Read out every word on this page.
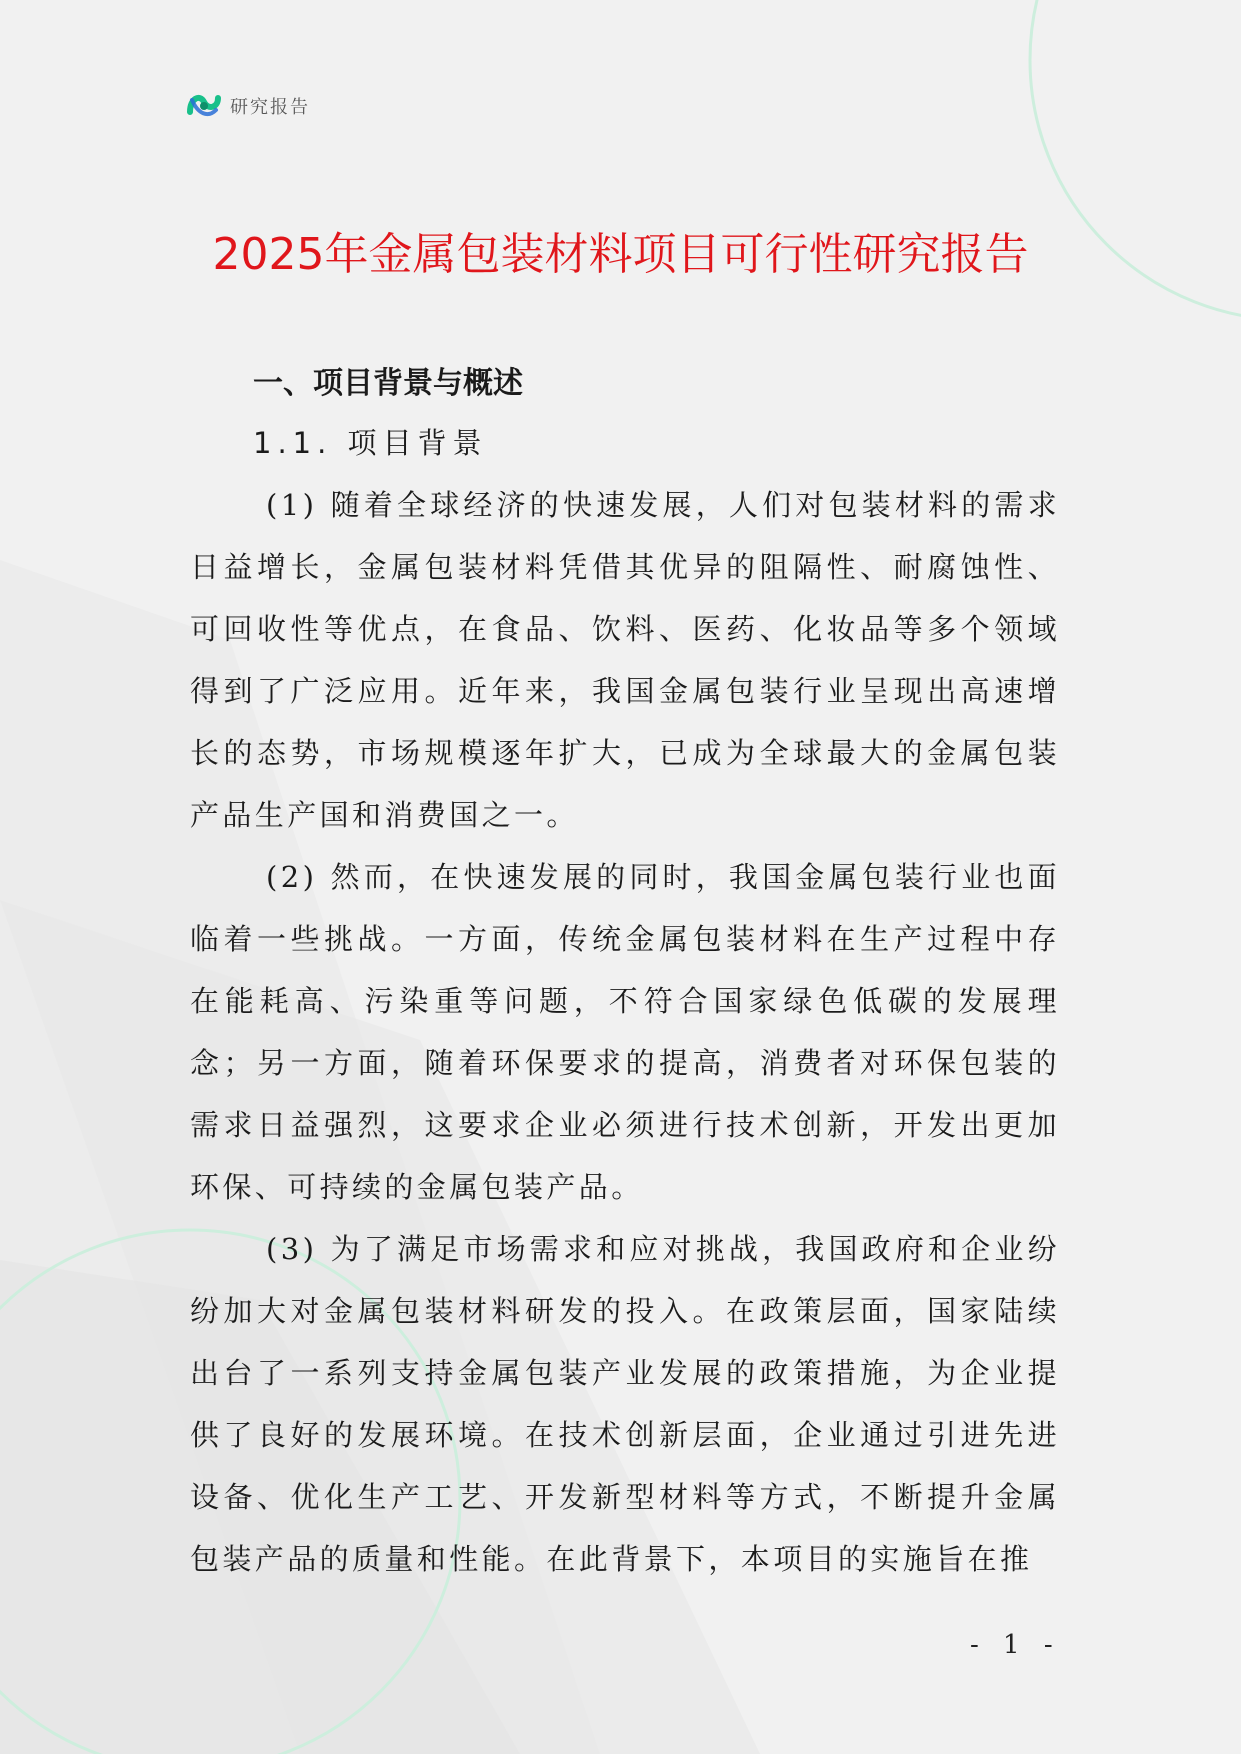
研究报告
2025年金属包装材料项目可行性研究报告
一、项目背景与概述
1.1. 项目背景

(1) 随着全球经济的快速发展，人们对包装材料的需求日益增长，金属包装材料凭借其优异的阻隔性、耐腐蚀性、可回收性等优点，在食品、饮料、医药、化妆品等多个领域得到了广泛应用。近年来，我国金属包装行业呈现出高速增长的态势，市场规模逐年扩大，已成为全球最大的金属包装产品生产国和消费国之一。

(2) 然而，在快速发展的同时，我国金属包装行业也面临着一些挑战。一方面，传统金属包装材料在生产过程中存在能耗高、污染重等问题，不符合国家绿色低碳的发展理念；另一方面，随着环保要求的提高，消费者对环保包装的需求日益强烈，这要求企业必须进行技术创新，开发出更加环保、可持续的金属包装产品。

(3) 为了满足市场需求和应对挑战，我国政府和企业纷纷加大对金属包装材料研发的投入。在政策层面，国家陆续出台了一系列支持金属包装产业发展的政策措施，为企业提供了良好的发展环境。在技术创新层面，企业通过引进先进设备、优化生产工艺、开发新型材料等方式，不断提升金属包装产品的质量和性能。在此背景下，本项目的实施旨在推

- 1 -
